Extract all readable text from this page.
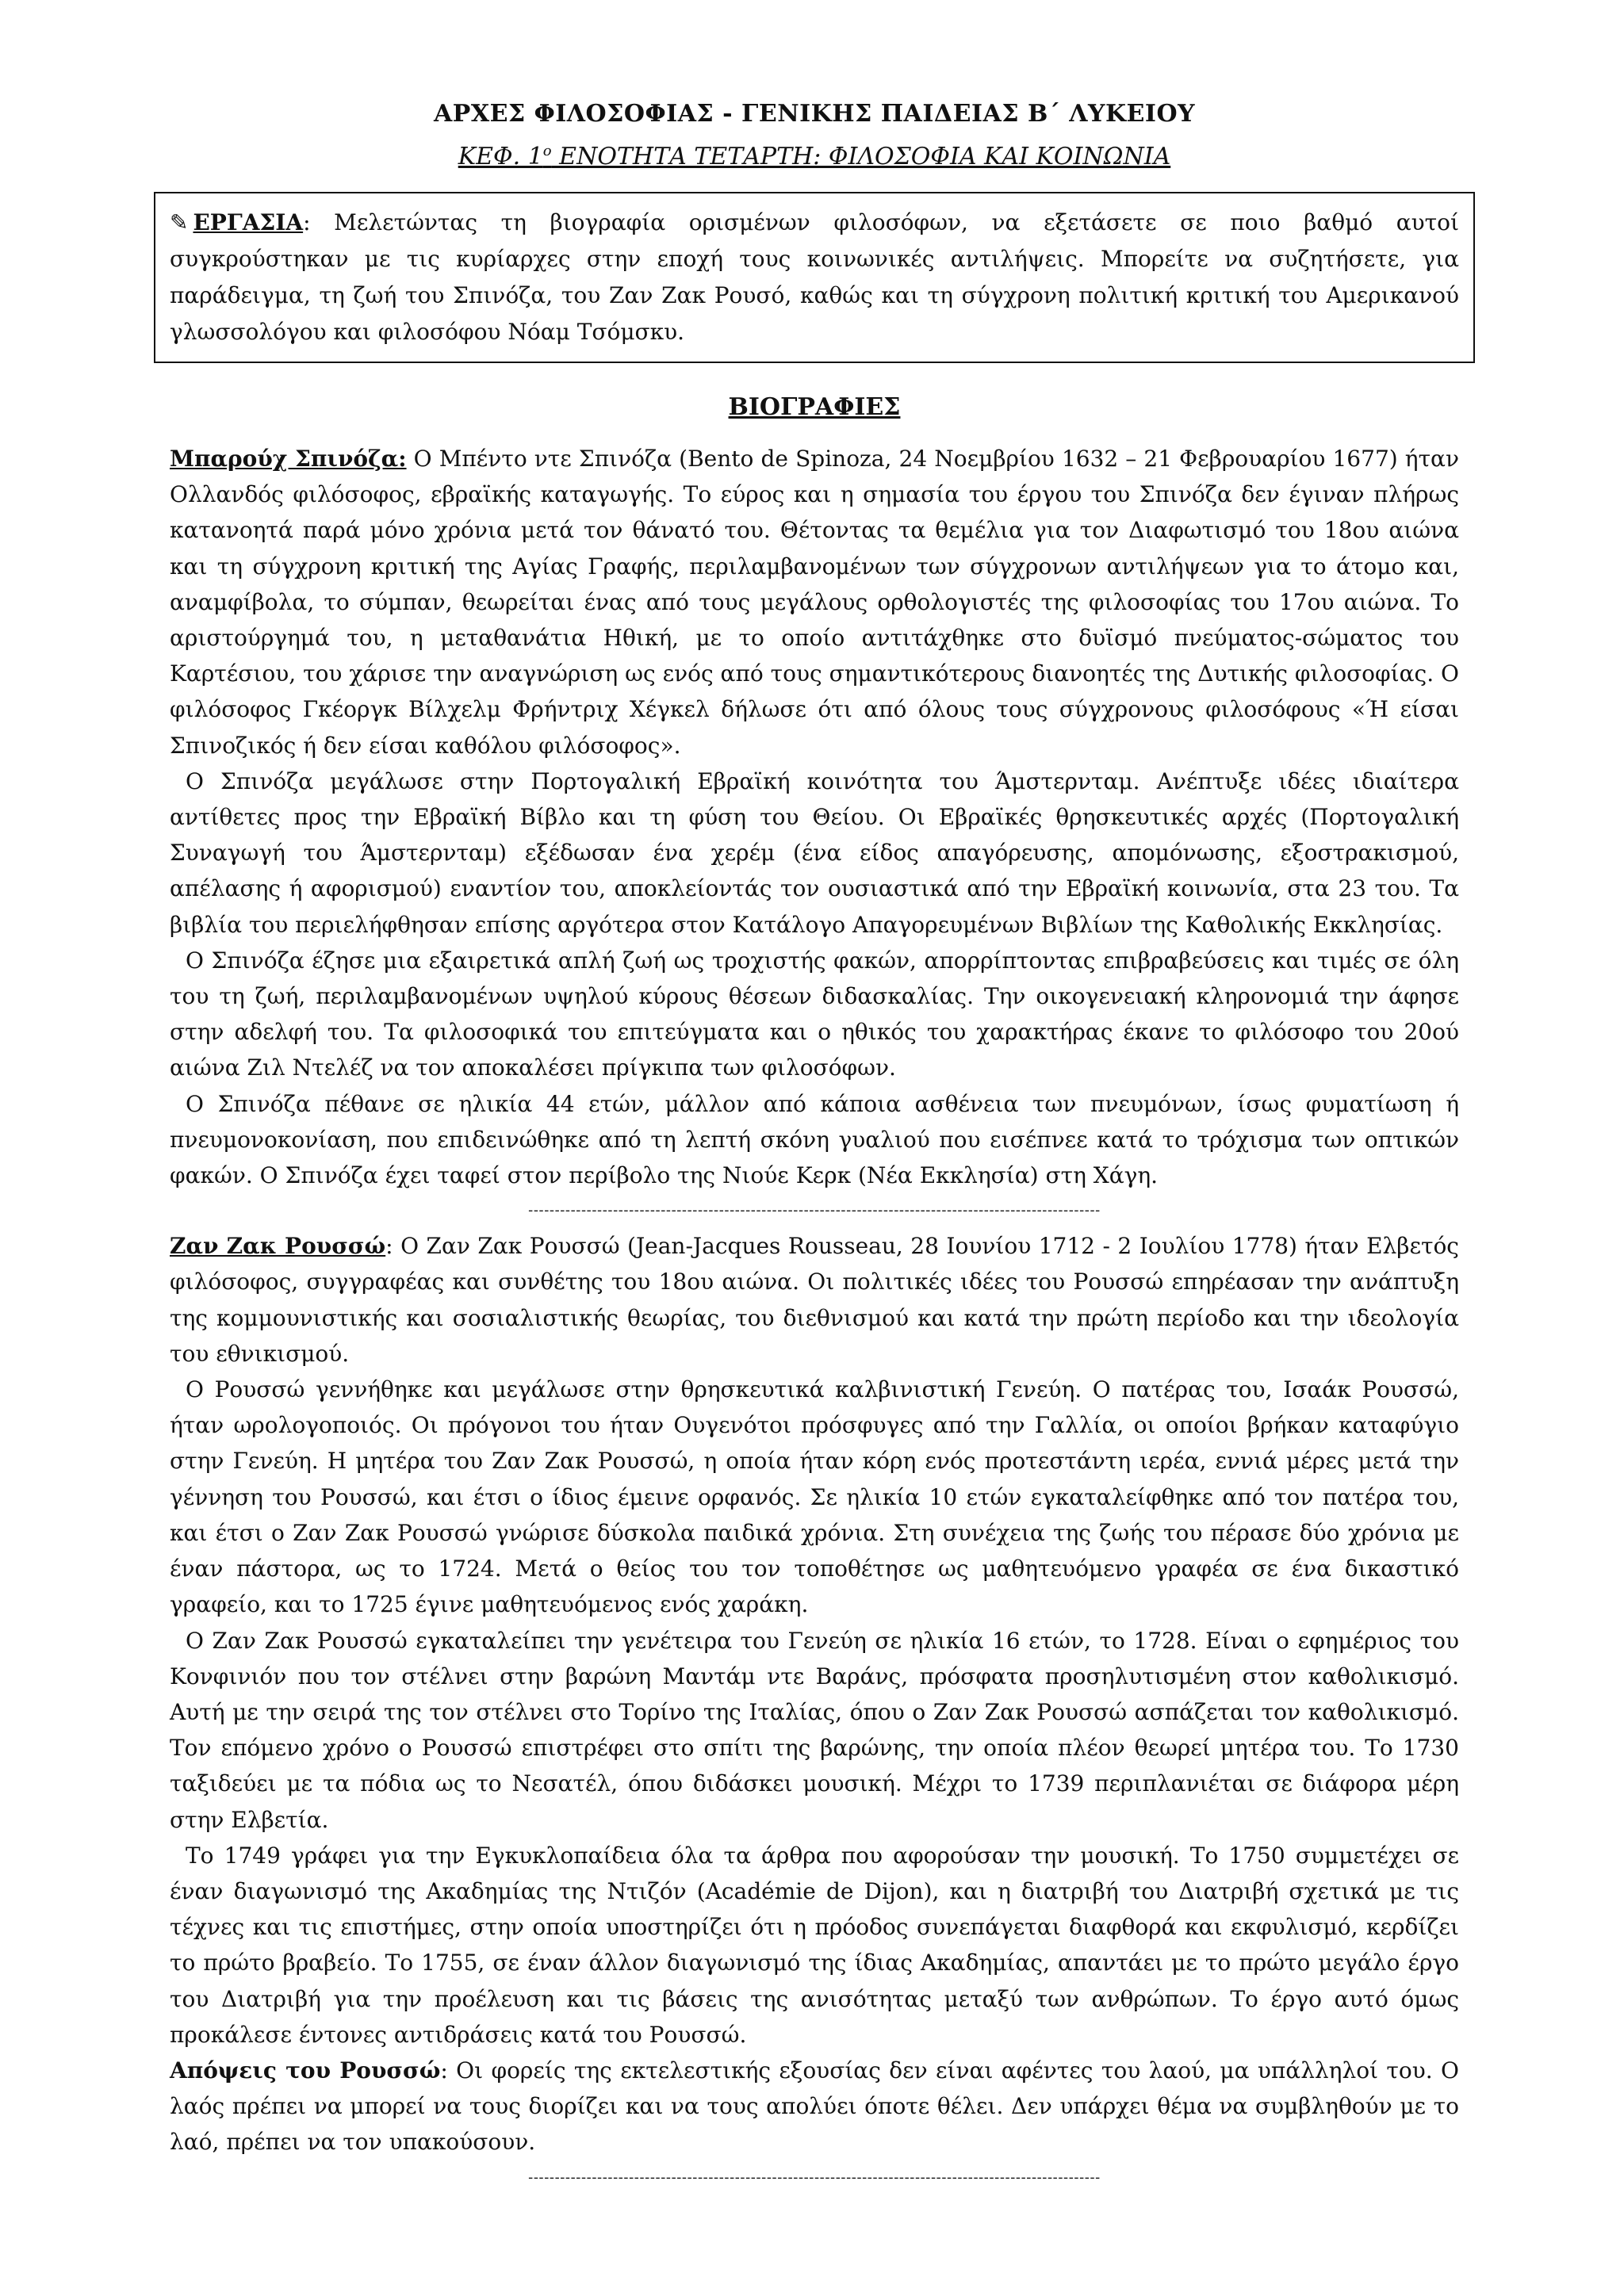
ΑΡΧΕΣ ΦΙΛΟΣΟΦΙΑΣ - ΓΕΝΙΚΗΣ ΠΑΙΔΕΙΑΣ Β΄ ΛΥΚΕΙΟΥ
ΚΕΦ. $1^o$ ΕΝΟΤΗΤΑ ΤΕΤΑΡΤΗ: ΦΙΛΟΣΟΦΙΑ ΚΑΙ ΚΟΙΝΩΝΙΑ
✎ ΕΡΓΑΣΙΑ: Μελετώντας τη βιογραφία ορισμένων φιλοσόφων, να εξετάσετε σε ποιο βαθμό αυτοί συγκρούστηκαν με τις κυρίαρχες στην εποχή τους κοινωνικές αντιλήψεις. Μπορείτε να συζητήσετε, για παράδειγμα, τη ζωή του Σπινόζα, του Ζαν Ζακ Ρουσό, καθώς και τη σύγχρονη πολιτική κριτική του Αμερικανού γλωσσολόγου και φιλοσόφου Νόαμ Τσόμσκυ.
ΒΙΟΓΡΑΦΙΕΣ

Μπαρούχ Σπινόζα: Ο Μπέντο ντε Σπινόζα (Bento de Spinoza, 24 Νοεμβρίου 1632 – 21 Φεβρουαρίου 1677) ήταν Ολλανδός φιλόσοφος, εβραϊκής καταγωγής. Το εύρος και η σημασία του έργου του Σπινόζα δεν έγιναν πλήρως κατανοητά παρά μόνο χρόνια μετά τον θάνατό του. Θέτοντας τα θεμέλια για τον Διαφωτισμό του 18ου αιώνα και τη σύγχρονη κριτική της Αγίας Γραφής, περιλαμβανομένων των σύγχρονων αντιλήψεων για το άτομο και, αναμφίβολα, το σύμπαν, θεωρείται ένας από τους μεγάλους ορθολογιστές της φιλοσοφίας του 17ου αιώνα. Το αριστούργημά του, η μεταθανάτια Ηθική, με το οποίο αντιτάχθηκε στο δυϊσμό πνεύματος-σώματος του Καρτέσιου, του χάρισε την αναγνώριση ως ενός από τους σημαντικότερους διανοητές της Δυτικής φιλοσοφίας. Ο φιλόσοφος Γκέοργκ Βίλχελμ Φρήντριχ Χέγκελ δήλωσε ότι από όλους τους σύγχρονους φιλοσόφους «Ή είσαι Σπινοζικός ή δεν είσαι καθόλου φιλόσοφος».

Ο Σπινόζα μεγάλωσε στην Πορτογαλική Εβραϊκή κοινότητα του Άμστερνταμ. Ανέπτυξε ιδέες ιδιαίτερα αντίθετες προς την Εβραϊκή Βίβλο και τη φύση του Θείου. Οι Εβραϊκές θρησκευτικές αρχές (Πορτογαλική Συναγωγή του Άμστερνταμ) εξέδωσαν ένα χερέμ (ένα είδος απαγόρευσης, απομόνωσης, εξοστρακισμού, απέλασης ή αφορισμού) εναντίον του, αποκλείοντάς τον ουσιαστικά από την Εβραϊκή κοινωνία, στα 23 του. Τα βιβλία του περιελήφθησαν επίσης αργότερα στον Κατάλογο Απαγορευμένων Βιβλίων της Καθολικής Εκκλησίας.

Ο Σπινόζα έζησε μια εξαιρετικά απλή ζωή ως τροχιστής φακών, απορρίπτοντας επιβραβεύσεις και τιμές σε όλη του τη ζωή, περιλαμβανομένων υψηλού κύρους θέσεων διδασκαλίας. Την οικογενειακή κληρονομιά την άφησε στην αδελφή του. Τα φιλοσοφικά του επιτεύγματα και ο ηθικός του χαρακτήρας έκανε το φιλόσοφο του 20ού αιώνα Ζιλ Ντελέζ να τον αποκαλέσει πρίγκιπα των φιλοσόφων.

Ο Σπινόζα πέθανε σε ηλικία 44 ετών, μάλλον από κάποια ασθένεια των πνευμόνων, ίσως φυματίωση ή πνευμονοκονίαση, που επιδεινώθηκε από τη λεπτή σκόνη γυαλιού που εισέπνεε κατά το τρόχισμα των οπτικών φακών. Ο Σπινόζα έχει ταφεί στον περίβολο της Νιούε Κερκ (Νέα Εκκλησία) στη Χάγη.

------------------------------------------------------------------------------------------------------------

Ζαν Ζακ Ρουσσώ: Ο Ζαν Ζακ Ρουσσώ (Jean-Jacques Rousseau, 28 Ιουνίου 1712 - 2 Ιουλίου 1778) ήταν Ελβετός φιλόσοφος, συγγραφέας και συνθέτης του 18ου αιώνα. Οι πολιτικές ιδέες του Ρουσσώ επηρέασαν την ανάπτυξη της κομμουνιστικής και σοσιαλιστικής θεωρίας, του διεθνισμού και κατά την πρώτη περίοδο και την ιδεολογία του εθνικισμού.

Ο Ρουσσώ γεννήθηκε και μεγάλωσε στην θρησκευτικά καλβινιστική Γενεύη. Ο πατέρας του, Ισαάκ Ρουσσώ, ήταν ωρολογοποιός. Οι πρόγονοι του ήταν Ουγενότοι πρόσφυγες από την Γαλλία, οι οποίοι βρήκαν καταφύγιο στην Γενεύη. Η μητέρα του Ζαν Ζακ Ρουσσώ, η οποία ήταν κόρη ενός προτεστάντη ιερέα, εννιά μέρες μετά την γέννηση του Ρουσσώ, και έτσι ο ίδιος έμεινε ορφανός. Σε ηλικία 10 ετών εγκαταλείφθηκε από τον πατέρα του, και έτσι ο Ζαν Ζακ Ρουσσώ γνώρισε δύσκολα παιδικά χρόνια. Στη συνέχεια της ζωής του πέρασε δύο χρόνια με έναν πάστορα, ως το 1724. Μετά ο θείος του τον τοποθέτησε ως μαθητευόμενο γραφέα σε ένα δικαστικό γραφείο, και το 1725 έγινε μαθητευόμενος ενός χαράκη.

Ο Ζαν Ζακ Ρουσσώ εγκαταλείπει την γενέτειρα του Γενεύη σε ηλικία 16 ετών, το 1728. Είναι ο εφημέριος του Κονφινιόν που τον στέλνει στην βαρώνη Μαντάμ ντε Βαράνς, πρόσφατα προσηλυτισμένη στον καθολικισμό. Αυτή με την σειρά της τον στέλνει στο Τορίνο της Ιταλίας, όπου ο Ζαν Ζακ Ρουσσώ ασπάζεται τον καθολικισμό. Τον επόμενο χρόνο ο Ρουσσώ επιστρέφει στο σπίτι της βαρώνης, την οποία πλέον θεωρεί μητέρα του. Το 1730 ταξιδεύει με τα πόδια ως το Νεσατέλ, όπου διδάσκει μουσική. Μέχρι το 1739 περιπλανιέται σε διάφορα μέρη στην Ελβετία.

Το 1749 γράφει για την Εγκυκλοπαίδεια όλα τα άρθρα που αφορούσαν την μουσική. Το 1750 συμμετέχει σε έναν διαγωνισμό της Ακαδημίας της Ντιζόν (Académie de Dijon), και η διατριβή του Διατριβή σχετικά με τις τέχνες και τις επιστήμες, στην οποία υποστηρίζει ότι η πρόοδος συνεπάγεται διαφθορά και εκφυλισμό, κερδίζει το πρώτο βραβείο. Το 1755, σε έναν άλλον διαγωνισμό της ίδιας Ακαδημίας, απαντάει με το πρώτο μεγάλο έργο του Διατριβή για την προέλευση και τις βάσεις της ανισότητας μεταξύ των ανθρώπων. Το έργο αυτό όμως προκάλεσε έντονες αντιδράσεις κατά του Ρουσσώ.

Απόψεις του Ρουσσώ: Οι φορείς της εκτελεστικής εξουσίας δεν είναι αφέντες του λαού, μα υπάλληλοί του. Ο λαός πρέπει να μπορεί να τους διορίζει και να τους απολύει όποτε θέλει. Δεν υπάρχει θέμα να συμβληθούν με το λαό, πρέπει να τον υπακούσουν.

------------------------------------------------------------------------------------------------------------
